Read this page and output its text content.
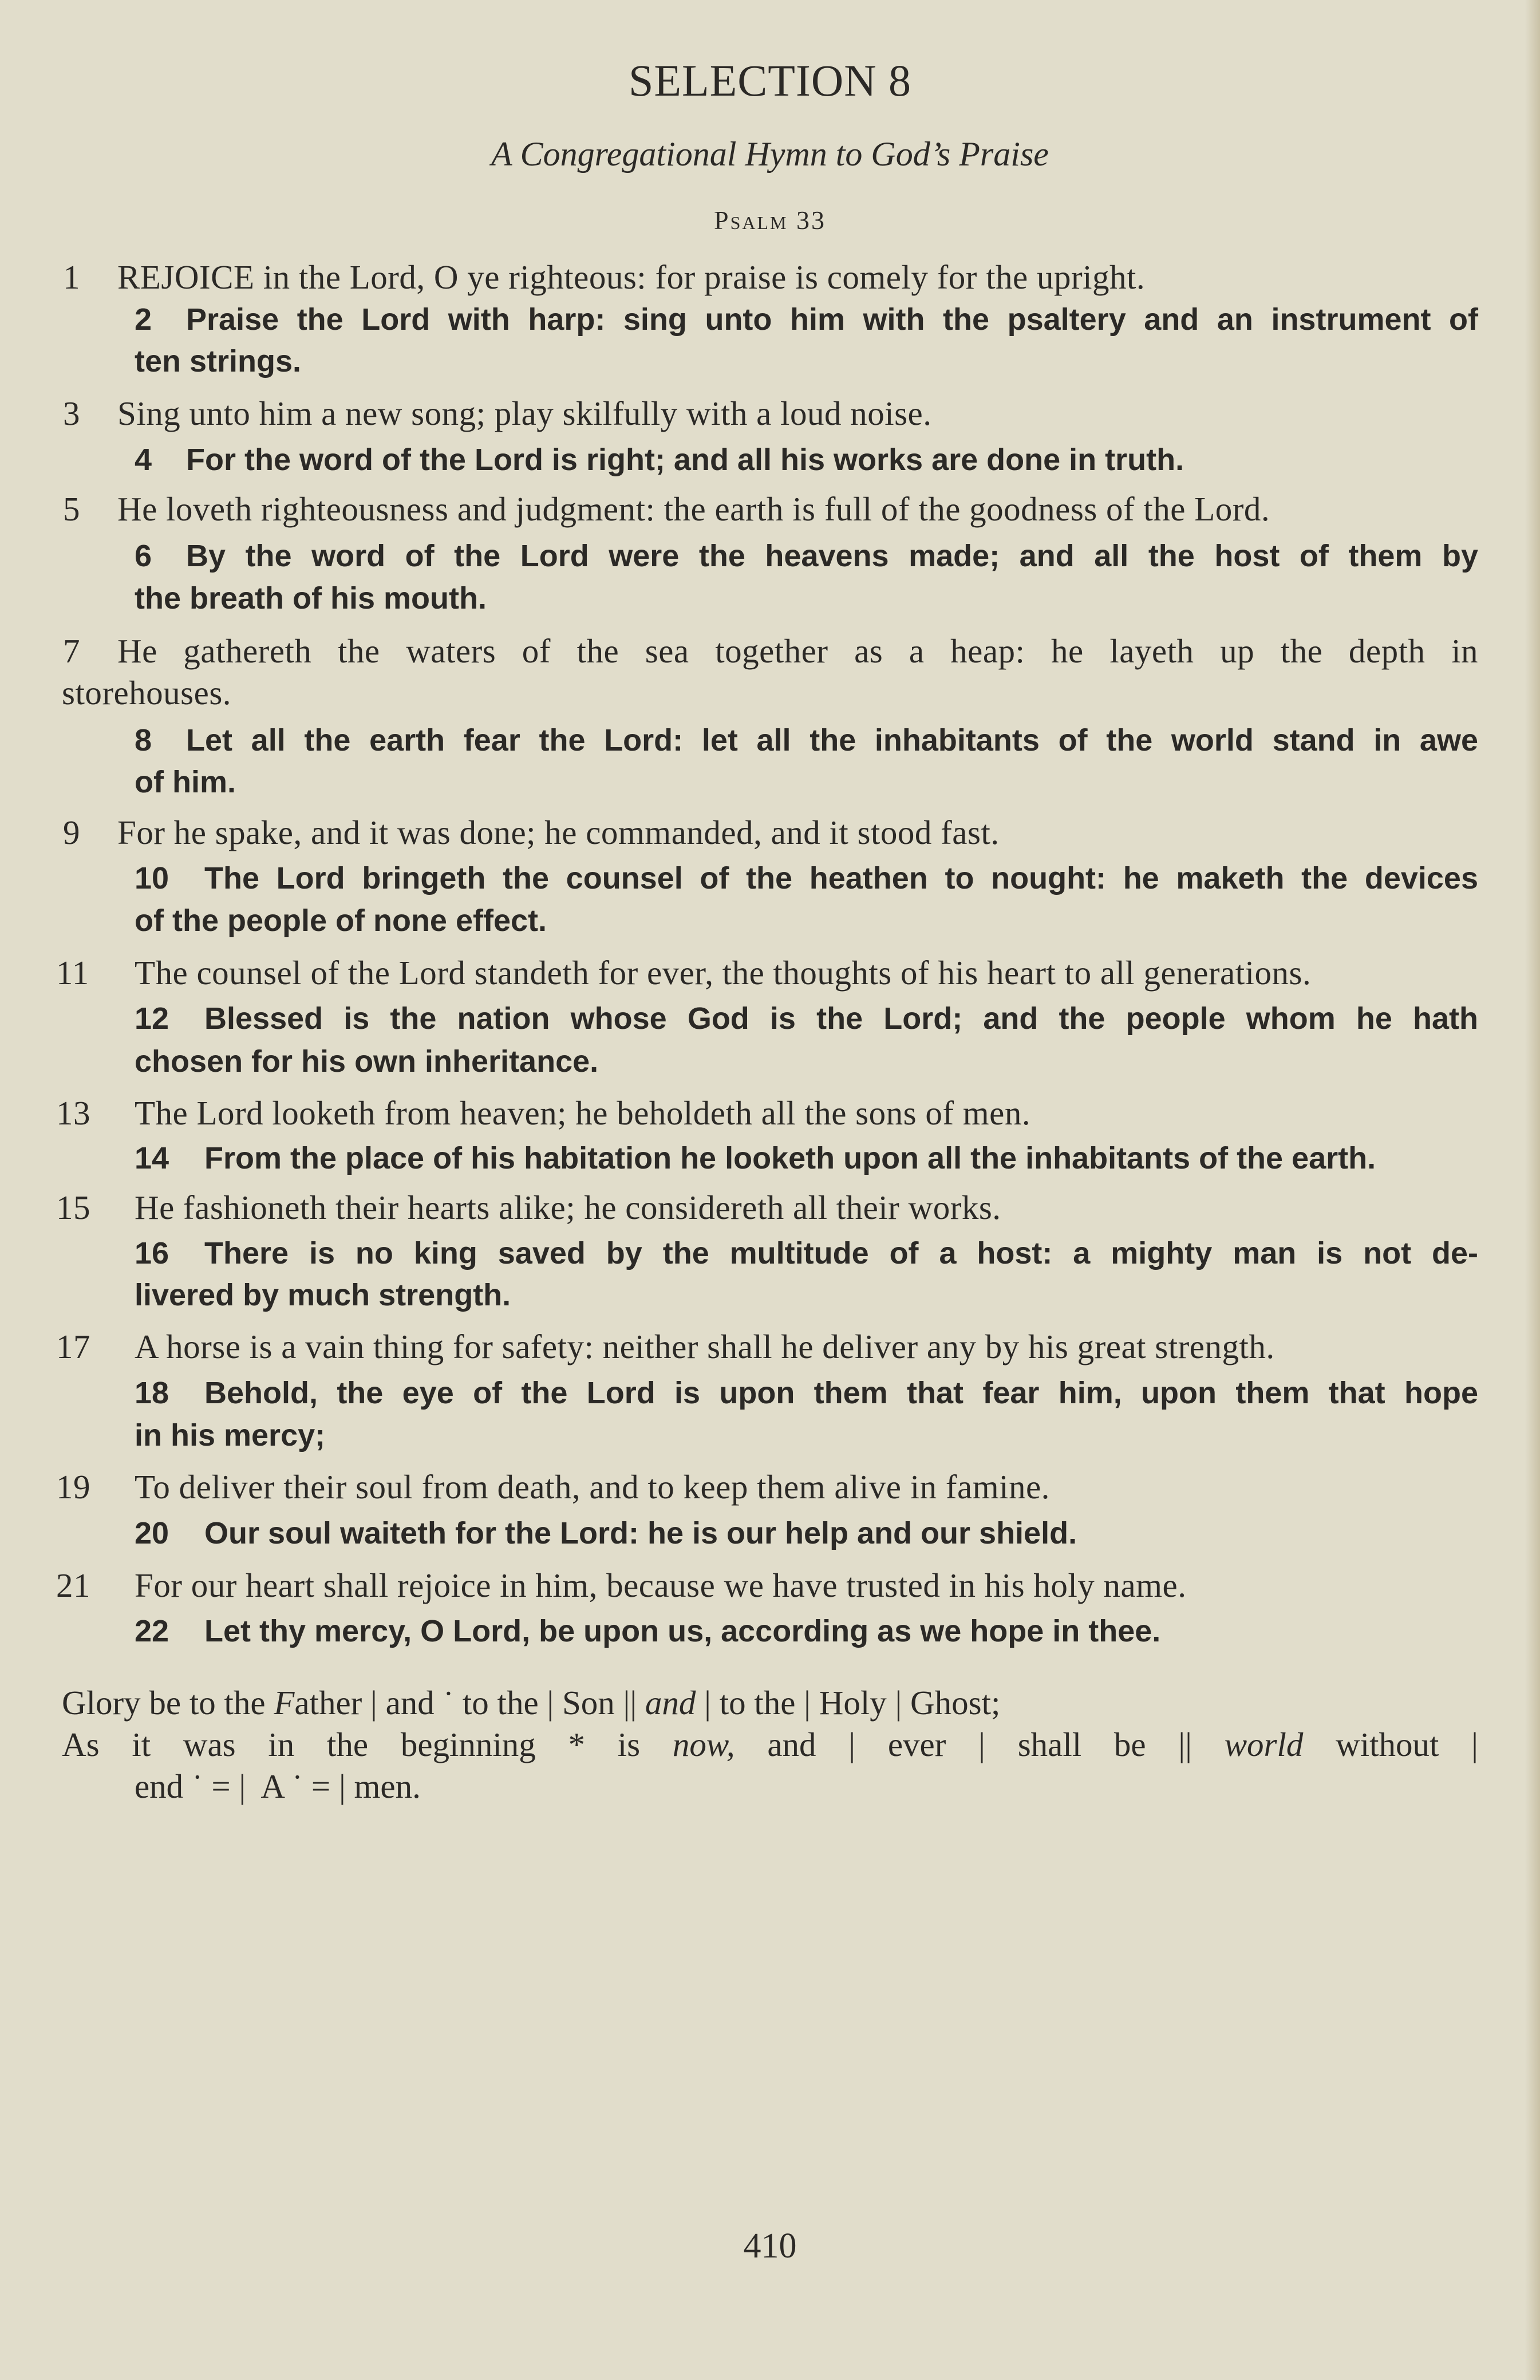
SELECTION 8
A Congregational Hymn to God’s Praise
Psalm 33
1 REJOICE in the Lord, O ye righteous: for praise is comely for the upright.
2 Praise the Lord with harp: sing unto him with the psaltery and an instrument of
ten strings.
3 Sing unto him a new song; play skilfully with a loud noise.
4 For the word of the Lord is right; and all his works are done in truth.
5 He loveth righteousness and judgment: the earth is full of the goodness of the Lord.
6 By the word of the Lord were the heavens made; and all the host of them by
the breath of his mouth.
7 He gathereth the waters of the sea together as a heap: he layeth up the depth in
storehouses.
8 Let all the earth fear the Lord: let all the inhabitants of the world stand in awe
of him.
9 For he spake, and it was done; he commanded, and it stood fast.
10 The Lord bringeth the counsel of the heathen to nought: he maketh the devices
of the people of none effect.
11 The counsel of the Lord standeth for ever, the thoughts of his heart to all generations.
12 Blessed is the nation whose God is the Lord; and the people whom he hath
chosen for his own inheritance.
13 The Lord looketh from heaven; he beholdeth all the sons of men.
14 From the place of his habitation he looketh upon all the inhabitants of the earth.
15 He fashioneth their hearts alike; he considereth all their works.
16 There is no king saved by the multitude of a host: a mighty man is not de-
livered by much strength.
17 A horse is a vain thing for safety: neither shall he deliver any by his great strength.
18 Behold, the eye of the Lord is upon them that fear him, upon them that hope
in his mercy;
19 To deliver their soul from death, and to keep them alive in famine.
20 Our soul waiteth for the Lord: he is our help and our shield.
21 For our heart shall rejoice in him, because we have trusted in his holy name.
22 Let thy mercy, O Lord, be upon us, according as we hope in thee.
Glory be to the Father | and ˙ to the | Son || and | to the | Holy | Ghost;
As it was in the beginning * is now, and | ever | shall be || world without |
end ˙ = |  A ˙ = | men.
410
